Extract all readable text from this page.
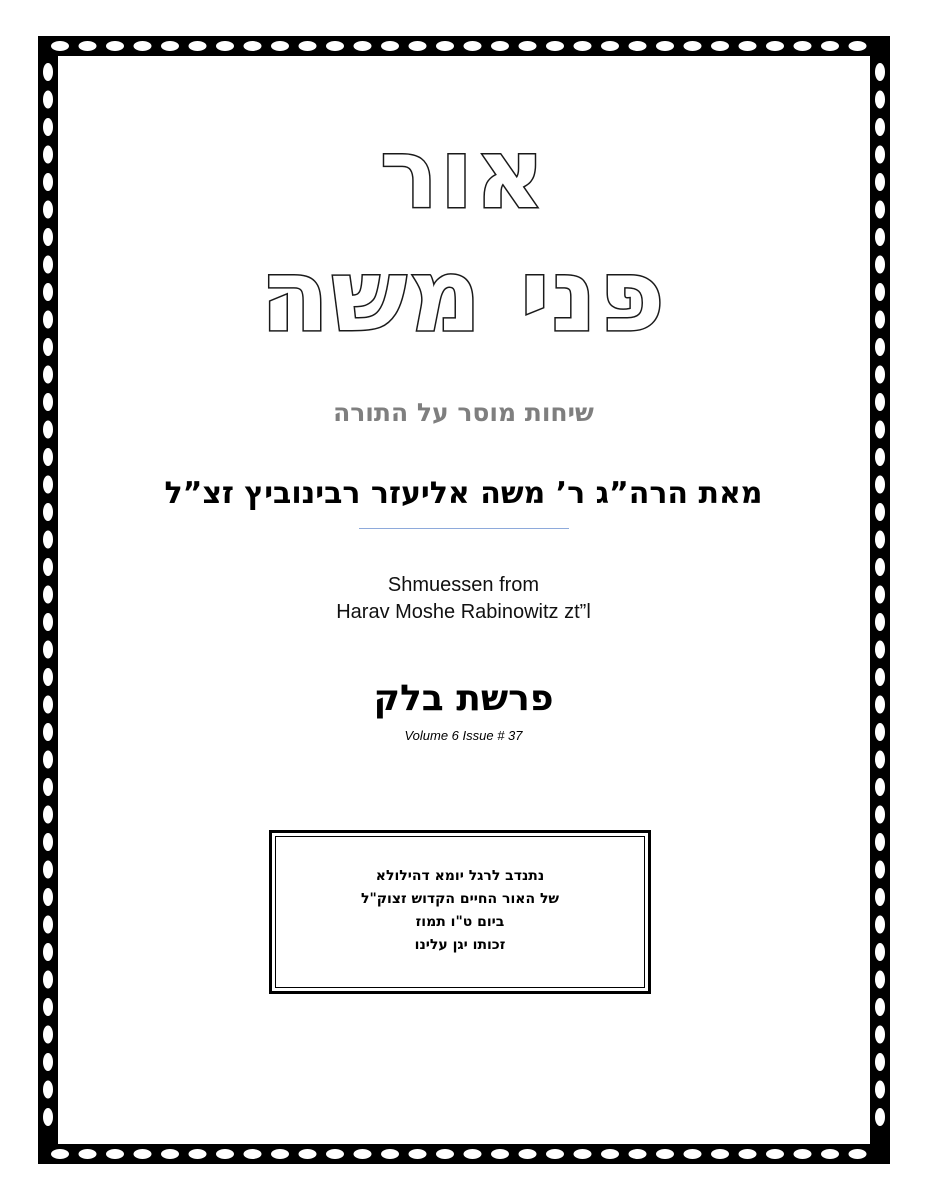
אור
פני משה
שיחות מוסר על התורה
מאת הרה”ג ר’ משה אליעזר רבינוביץ זצ”ל
Shmuessen from
Harav Moshe Rabinowitz zt”l
פרשת בלק
Volume 6 Issue # 37
נתנדב לרגל יומא דהילולא
של האור החיים הקדוש זצוק"ל
ביום ט"ו תמוז
זכותו יגן עלינו
